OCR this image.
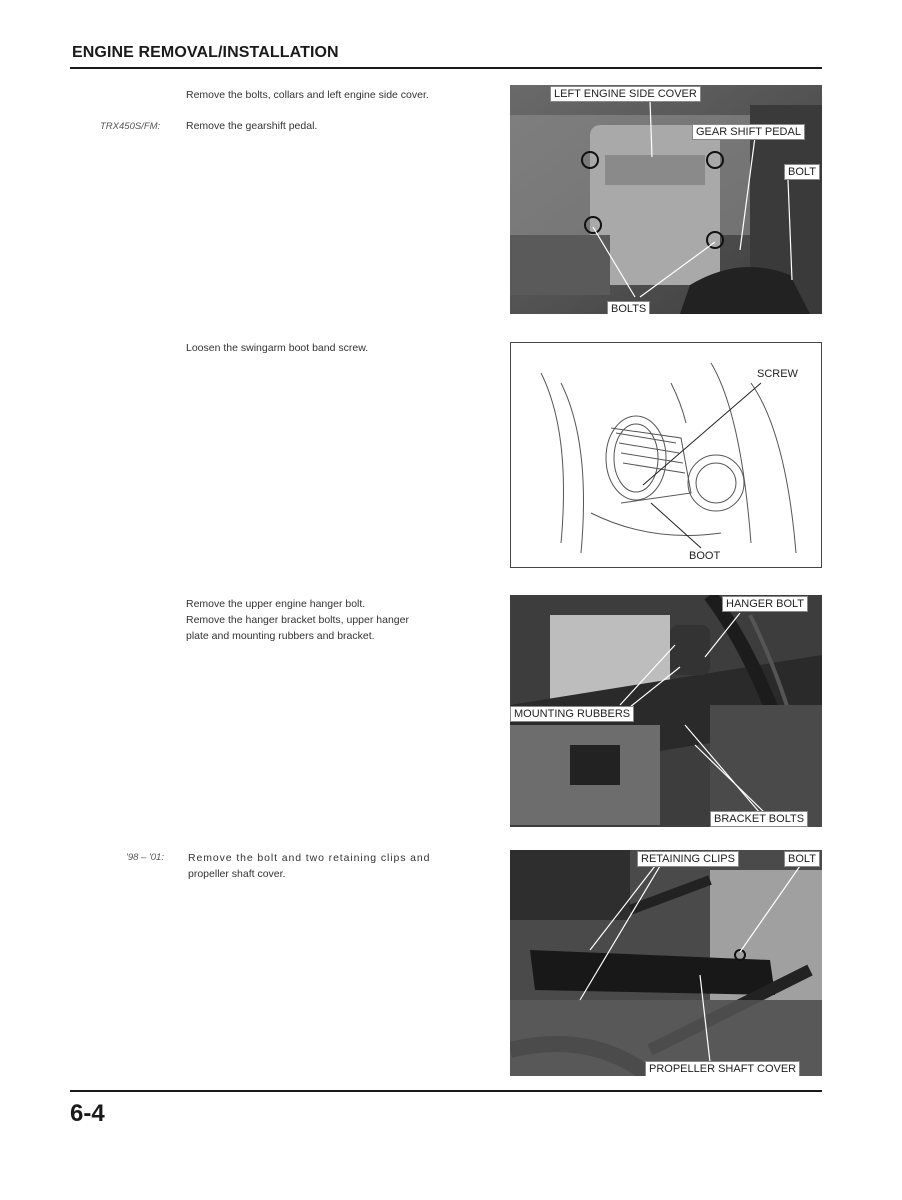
ENGINE REMOVAL/INSTALLATION
Remove the bolts, collars and left engine side cover.
TRX450S/FM: Remove the gearshift pedal.
LEFT ENGINE SIDE COVER
GEAR SHIFT PEDAL
BOLT
BOLTS
Loosen the swingarm boot band screw.
SCREW
BOOT
Remove the upper engine hanger bolt.
Remove the hanger bracket bolts, upper hanger
plate and mounting rubbers and bracket.
HANGER BOLT
MOUNTING RUBBERS
BRACKET BOLTS
'98 – '01: Remove the bolt and two retaining clips and
propeller shaft cover.
RETAINING CLIPS	BOLT
PROPELLER SHAFT COVER
6-4
